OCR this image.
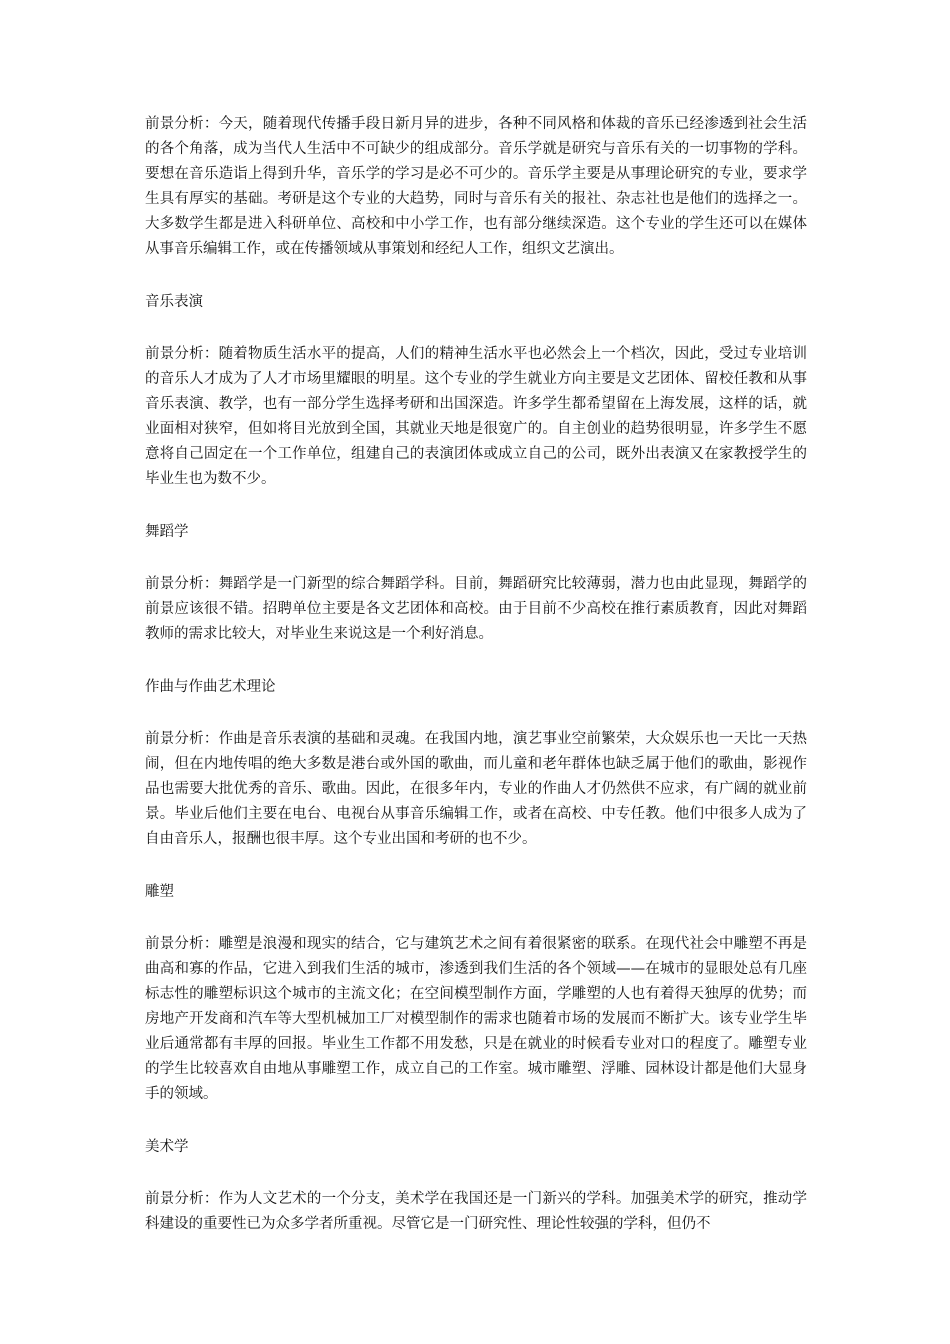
前景分析：今天，随着现代传播手段日新月异的进步，各种不同风格和体裁的音乐已经渗透到社会生活的各个角落，成为当代人生活中不可缺少的组成部分。音乐学就是研究与音乐有关的一切事物的学科。要想在音乐造诣上得到升华，音乐学的学习是必不可少的。音乐学主要是从事理论研究的专业，要求学生具有厚实的基础。考研是这个专业的大趋势，同时与音乐有关的报社、杂志社也是他们的选择之一。大多数学生都是进入科研单位、高校和中小学工作，也有部分继续深造。这个专业的学生还可以在媒体从事音乐编辑工作，或在传播领域从事策划和经纪人工作，组织文艺演出。

音乐表演

前景分析：随着物质生活水平的提高，人们的精神生活水平也必然会上一个档次，因此，受过专业培训的音乐人才成为了人才市场里耀眼的明星。这个专业的学生就业方向主要是文艺团体、留校任教和从事音乐表演、教学，也有一部分学生选择考研和出国深造。许多学生都希望留在上海发展，这样的话，就业面相对狭窄，但如将目光放到全国，其就业天地是很宽广的。自主创业的趋势很明显，许多学生不愿意将自己固定在一个工作单位，组建自己的表演团体或成立自己的公司，既外出表演又在家教授学生的毕业生也为数不少。

舞蹈学

前景分析：舞蹈学是一门新型的综合舞蹈学科。目前，舞蹈研究比较薄弱，潜力也由此显现，舞蹈学的前景应该很不错。招聘单位主要是各文艺团体和高校。由于目前不少高校在推行素质教育，因此对舞蹈教师的需求比较大，对毕业生来说这是一个利好消息。

作曲与作曲艺术理论

前景分析：作曲是音乐表演的基础和灵魂。在我国内地，演艺事业空前繁荣，大众娱乐也一天比一天热闹，但在内地传唱的绝大多数是港台或外国的歌曲，而儿童和老年群体也缺乏属于他们的歌曲，影视作品也需要大批优秀的音乐、歌曲。因此，在很多年内，专业的作曲人才仍然供不应求，有广阔的就业前景。毕业后他们主要在电台、电视台从事音乐编辑工作，或者在高校、中专任教。他们中很多人成为了自由音乐人，报酬也很丰厚。这个专业出国和考研的也不少。

雕塑

前景分析：雕塑是浪漫和现实的结合，它与建筑艺术之间有着很紧密的联系。在现代社会中雕塑不再是曲高和寡的作品，它进入到我们生活的城市，渗透到我们生活的各个领域——在城市的显眼处总有几座标志性的雕塑标识这个城市的主流文化；在空间模型制作方面，学雕塑的人也有着得天独厚的优势；而房地产开发商和汽车等大型机械加工厂对模型制作的需求也随着市场的发展而不断扩大。该专业学生毕业后通常都有丰厚的回报。毕业生工作都不用发愁，只是在就业的时候看专业对口的程度了。雕塑专业的学生比较喜欢自由地从事雕塑工作，成立自己的工作室。城市雕塑、浮雕、园林设计都是他们大显身手的领域。

美术学

前景分析：作为人文艺术的一个分支，美术学在我国还是一门新兴的学科。加强美术学的研究，推动学科建设的重要性已为众多学者所重视。尽管它是一门研究性、理论性较强的学科，但仍不
